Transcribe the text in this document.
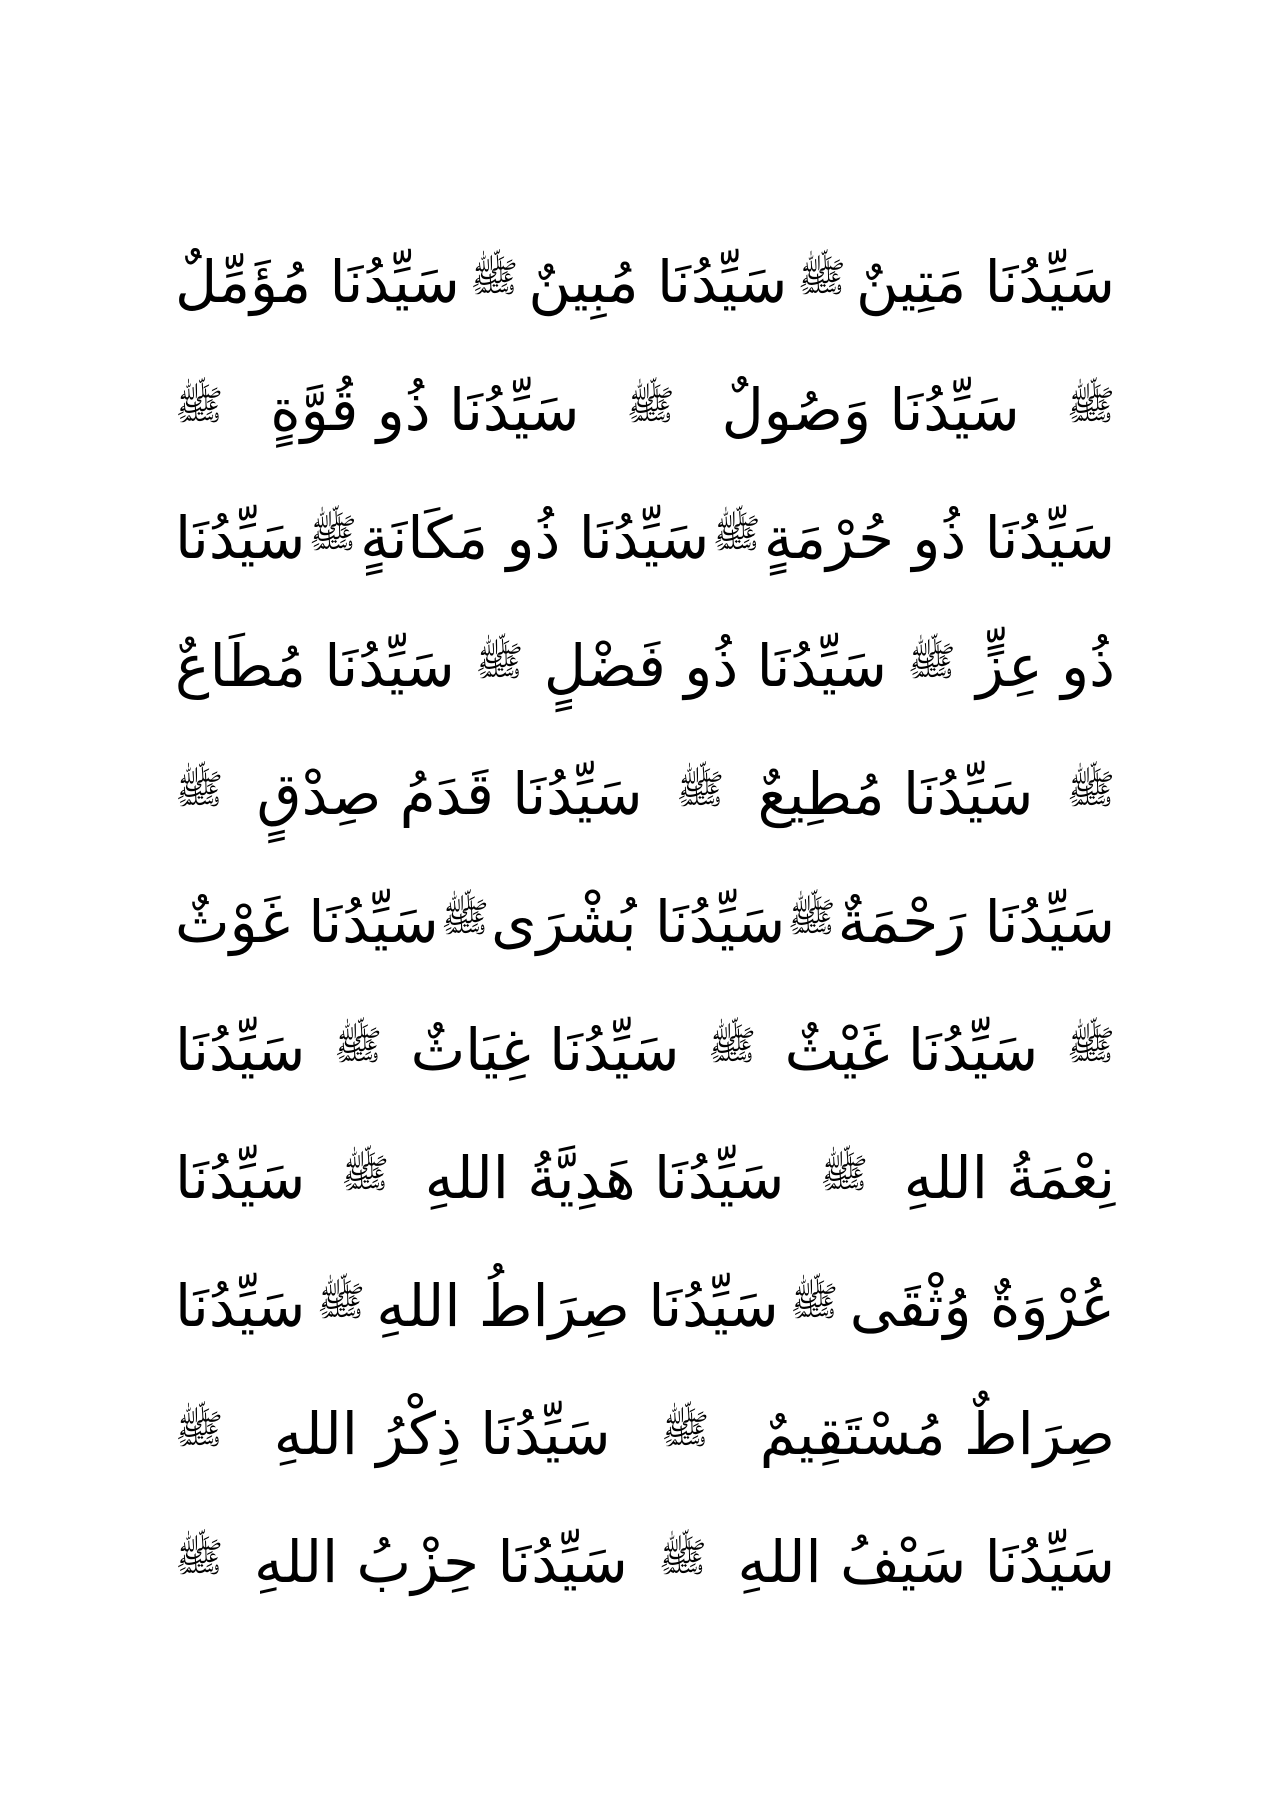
سَيِّدُنَا مَتِينٌ
ﷺ
سَيِّدُنَا مُبِينٌ
ﷺ
سَيِّدُنَا مُؤَمِّلٌ
ﷺ
سَيِّدُنَا وَصُولٌ
ﷺ
سَيِّدُنَا ذُو قُوَّةٍ
ﷺ
سَيِّدُنَا ذُو حُرْمَةٍ
ﷺ
سَيِّدُنَا ذُو مَكَانَةٍ
ﷺ
سَيِّدُنَا
ذُو عِزٍّ
ﷺ
سَيِّدُنَا ذُو فَضْلٍ
ﷺ
سَيِّدُنَا مُطَاعٌ
ﷺ
سَيِّدُنَا مُطِيعٌ
ﷺ
سَيِّدُنَا قَدَمُ صِدْقٍ
ﷺ
سَيِّدُنَا رَحْمَةٌ
ﷺ
سَيِّدُنَا بُشْرَى
ﷺ
سَيِّدُنَا غَوْثٌ
ﷺ
سَيِّدُنَا غَيْثٌ
ﷺ
سَيِّدُنَا غِيَاثٌ
ﷺ
سَيِّدُنَا
نِعْمَةُ اللهِ
ﷺ
سَيِّدُنَا هَدِيَّةُ اللهِ
ﷺ
سَيِّدُنَا
عُرْوَةٌ وُثْقَى
ﷺ
سَيِّدُنَا صِرَاطُ اللهِ
ﷺ
سَيِّدُنَا
صِرَاطٌ مُسْتَقِيمٌ
ﷺ
سَيِّدُنَا ذِكْرُ اللهِ
ﷺ
سَيِّدُنَا سَيْفُ اللهِ
ﷺ
سَيِّدُنَا حِزْبُ اللهِ
ﷺ
